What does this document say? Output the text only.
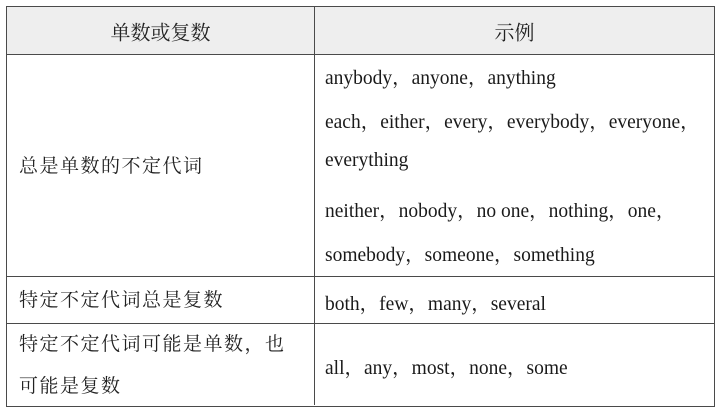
单数或复数	示例
总是单数的不定代词
anybody，anyone，anything
each，either，every，everybody，everyone，
everything
neither，nobody，no one，nothing，one，
somebody，someone，something
特定不定代词总是复数	both，few，many，several
特定不定代词可能是单数，也可能是复数
all，any，most，none，some
